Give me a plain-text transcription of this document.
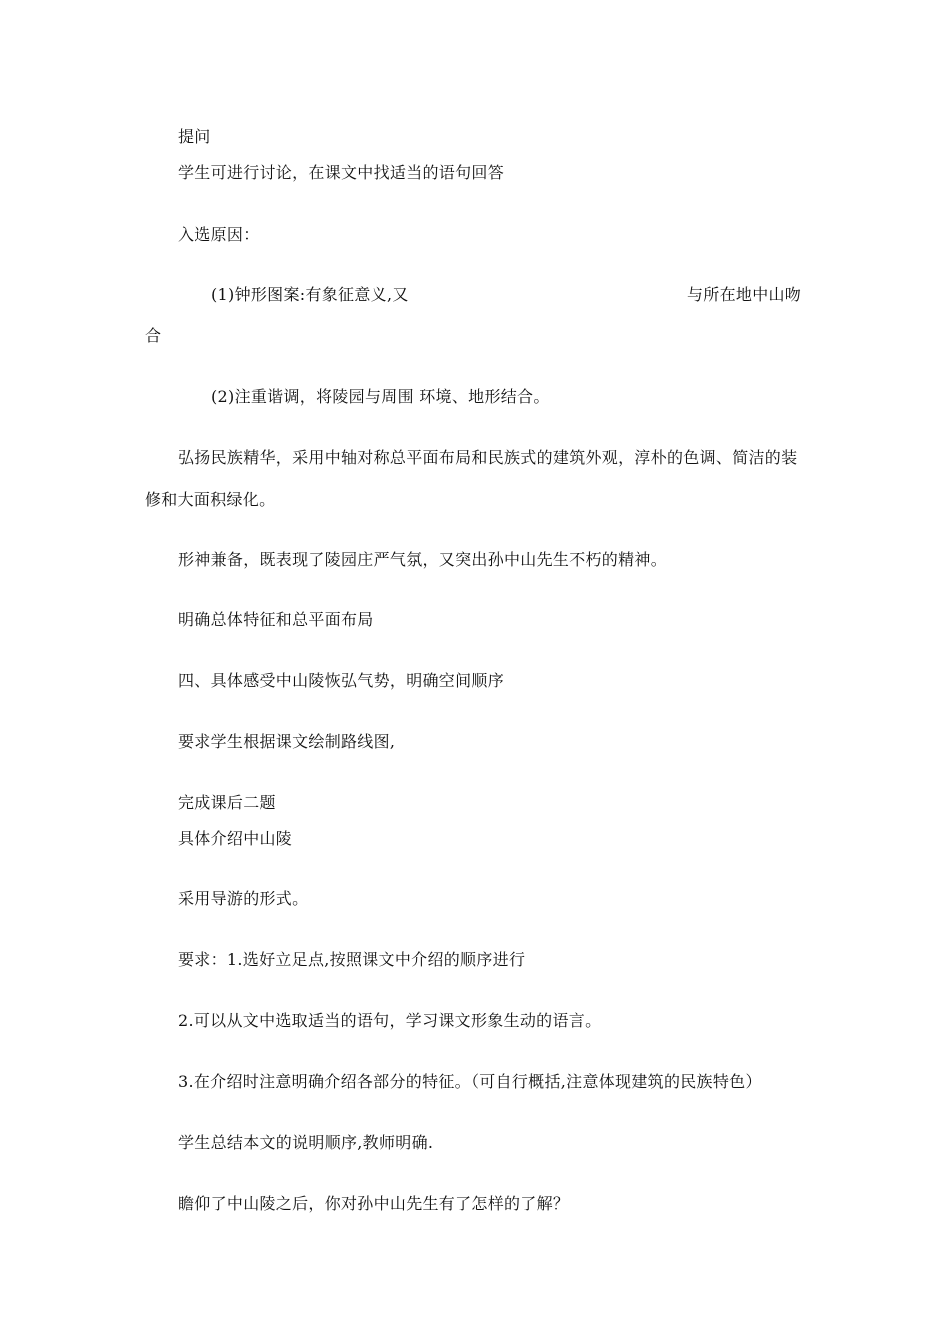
提问
学生可进行讨论，在课文中找适当的语句回答
入选原因：
(1)钟形图案:有象征意义,又	与所在地中山吻
合
(2)注重谐调，将陵园与周围 环境、地形结合。
弘扬民族精华，采用中轴对称总平面布局和民族式的建筑外观，淳朴的色调、简洁的装修和大面积绿化。
形神兼备，既表现了陵园庄严气氛，又突出孙中山先生不朽的精神。
明确总体特征和总平面布局
四、具体感受中山陵恢弘气势，明确空间顺序
要求学生根据课文绘制路线图,
完成课后二题
具体介绍中山陵
采用导游的形式。
要求：1.选好立足点,按照课文中介绍的顺序进行
2.可以从文中选取适当的语句，学习课文形象生动的语言。
3.在介绍时注意明确介绍各部分的特征。（可自行概括,注意体现建筑的民族特色）
学生总结本文的说明顺序,教师明确.
瞻仰了中山陵之后，你对孙中山先生有了怎样的了解？
